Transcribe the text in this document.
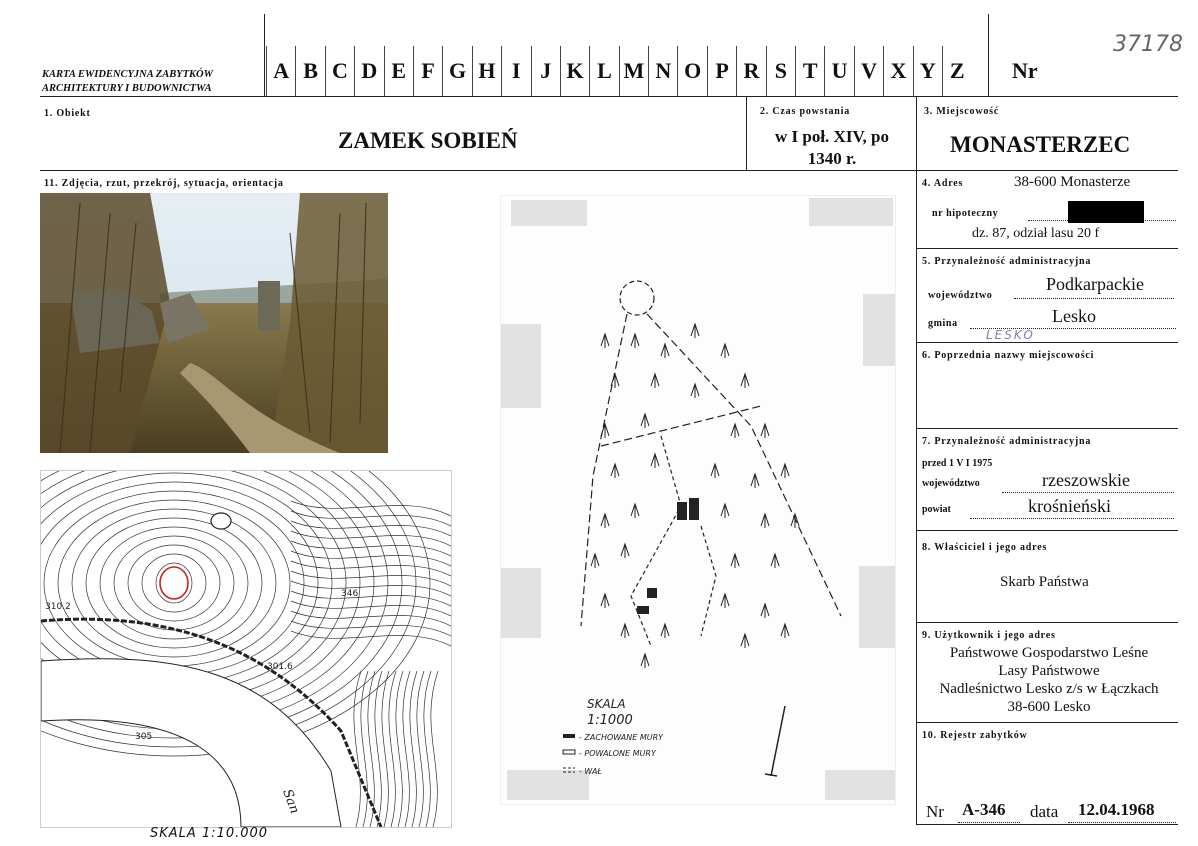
KARTA EWIDENCYJNA ZABYTKÓW
ARCHITEKTURY I BUDOWNICTWA
A B C D E F G H I J K L M N O P R S T U V X Y Z	Nr
37178
1. Obiekt
ZAMEK SOBIEŃ
2. Czas powstania
w I poł. XIV, po
1340 r.
3. Miejscowość
MONASTERZEC
11. Zdjęcia, rzut, przekrój, sytuacja, orientacja	4. Adres	38-600 Monasterze
nr hipoteczny
dz. 87, odział lasu 20 f
5. Przynależność administracyjna
województwo
Podkarpackie
gmina	Lesko
LESKO
6. Poprzednia nazwy miejscowości
7. Przynależność administracyjna
przed 1 V I 1975
województwo	rzeszowskie
powiat	krośnieński
8. Właściciel i jego adres
Skarb Państwa
9. Użytkownik i jego adres
Państwowe Gospodarstwo Leśne
Lasy Państwowe
Nadleśnictwo Lesko z/s w Łączkach
38-600 Lesko
10. Rejestr zabytków
Nr A-346 data 12.04.1968
310.2
346
301.6
305
San
SKALA 1:10.000
SKALA
1:1000
- ZACHOWANE MURY
- POWALONE MURY
- WAŁ
